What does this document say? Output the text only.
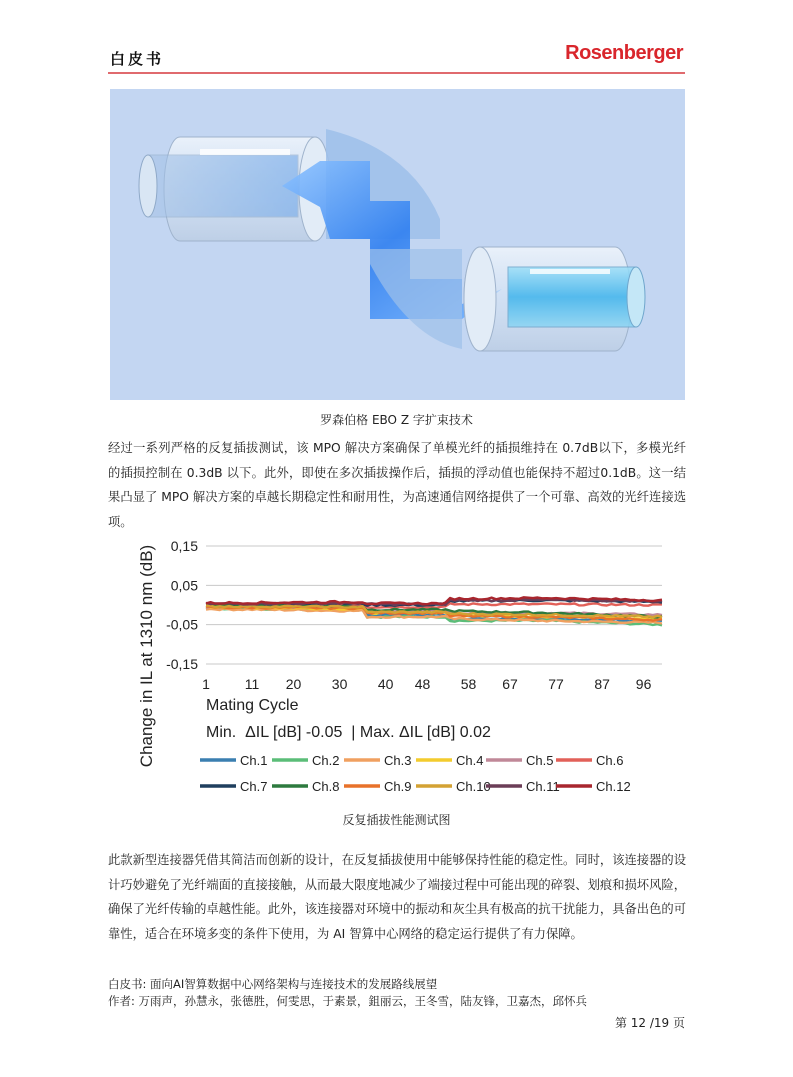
白皮书	Rosenberger
罗森伯格 EBO Z 字扩束技术

经过一系列严格的反复插拔测试，该 MPO 解决方案确保了单模光纤的插损维持在 0.7dB以下，多模光纤的插损控制在 0.3dB 以下。此外，即使在多次插拔操作后，插损的浮动值也能保持不超过0.1dB。这一结果凸显了 MPO 解决方案的卓越长期稳定性和耐用性，为高速通信网络提供了一个可靠、高效的光纤连接选项。

Change in IL at 1310 nm (dB) 0,15
0,05
-0,05
-0,15
1 11 20 30 40 48 58 67 77 87 96
Mating Cycle
Min.  ΔIL [dB] -0.05  | Max. ΔIL [dB] 0.02
Ch.1	Ch.2	Ch.3	Ch.4	Ch.5	Ch.6
Ch.7	Ch.8	Ch.9	Ch.10	Ch.11	Ch.12
反复插拔性能测试图

此款新型连接器凭借其简洁而创新的设计，在反复插拔使用中能够保持性能的稳定性。同时，该连接器的设计巧妙避免了光纤端面的直接接触，从而最大限度地减少了端接过程中可能出现的碎裂、划痕和损坏风险，确保了光纤传输的卓越性能。此外，该连接器对环境中的振动和灰尘具有极高的抗干扰能力，具备出色的可靠性，适合在环境多变的条件下使用，为 AI 智算中心网络的稳定运行提供了有力保障。

白皮书: 面向AI智算数据中心网络架构与连接技术的发展路线展望
作者: 万雨声，孙慧永，张德胜，何雯思，于素景，鉏丽云，王冬雪，陆友锋，卫嘉杰，邱怀兵
第 12 /19 页
